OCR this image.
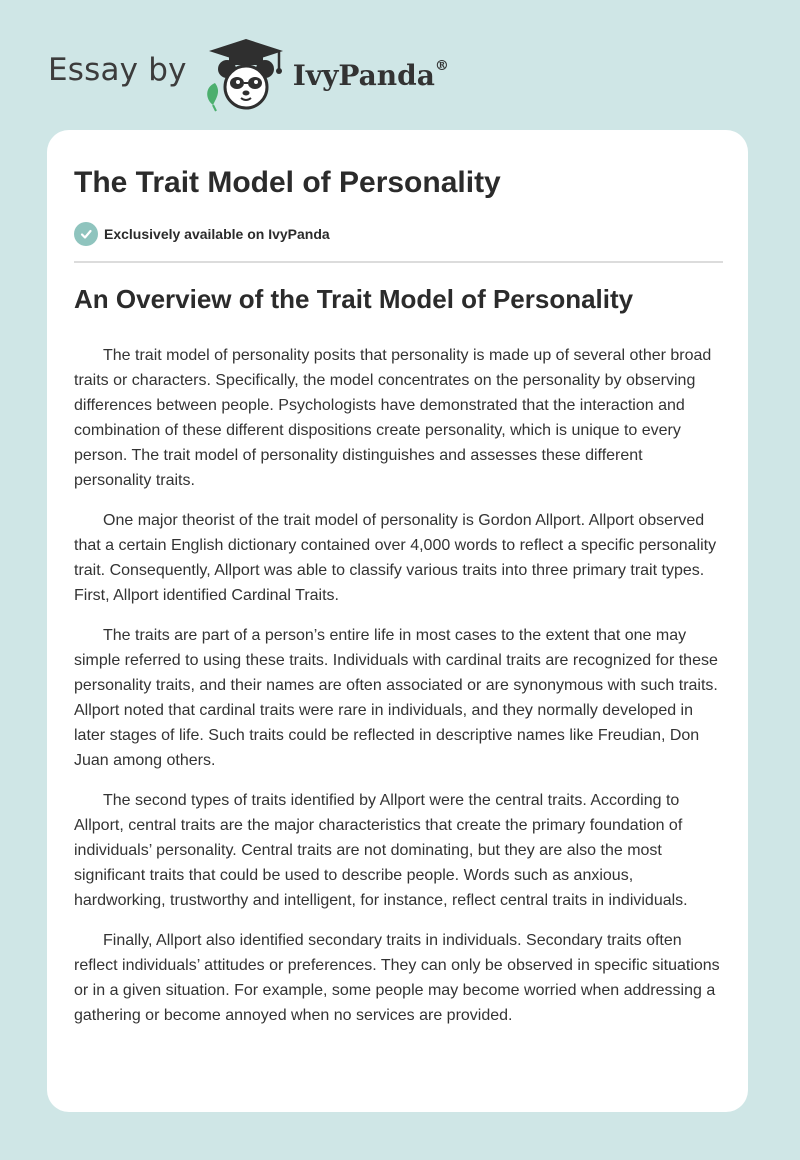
Essay by	IvyPanda®
The Trait Model of Personality
Exclusively available on IvyPanda
An Overview of the Trait Model of Personality

The trait model of personality posits that personality is made up of several other broad traits or characters. Specifically, the model concentrates on the personality by observing differences between people. Psychologists have demonstrated that the interaction and combination of these different dispositions create personality, which is unique to every person. The trait model of personality distinguishes and assesses these different personality traits.

One major theorist of the trait model of personality is Gordon Allport. Allport observed that a certain English dictionary contained over 4,000 words to reflect a specific personality trait. Consequently, Allport was able to classify various traits into three primary trait types. First, Allport identified Cardinal Traits.

The traits are part of a person’s entire life in most cases to the extent that one may simple referred to using these traits. Individuals with cardinal traits are recognized for these personality traits, and their names are often associated or are synonymous with such traits. Allport noted that cardinal traits were rare in individuals, and they normally developed in later stages of life. Such traits could be reflected in descriptive names like Freudian, Don Juan among others.

The second types of traits identified by Allport were the central traits. According to Allport, central traits are the major characteristics that create the primary foundation of individuals’ personality. Central traits are not dominating, but they are also the most significant traits that could be used to describe people. Words such as anxious, hardworking, trustworthy and intelligent, for instance, reflect central traits in individuals.

Finally, Allport also identified secondary traits in individuals. Secondary traits often reflect individuals’ attitudes or preferences. They can only be observed in specific situations or in a given situation. For example, some people may become worried when addressing a gathering or become annoyed when no services are provided.
